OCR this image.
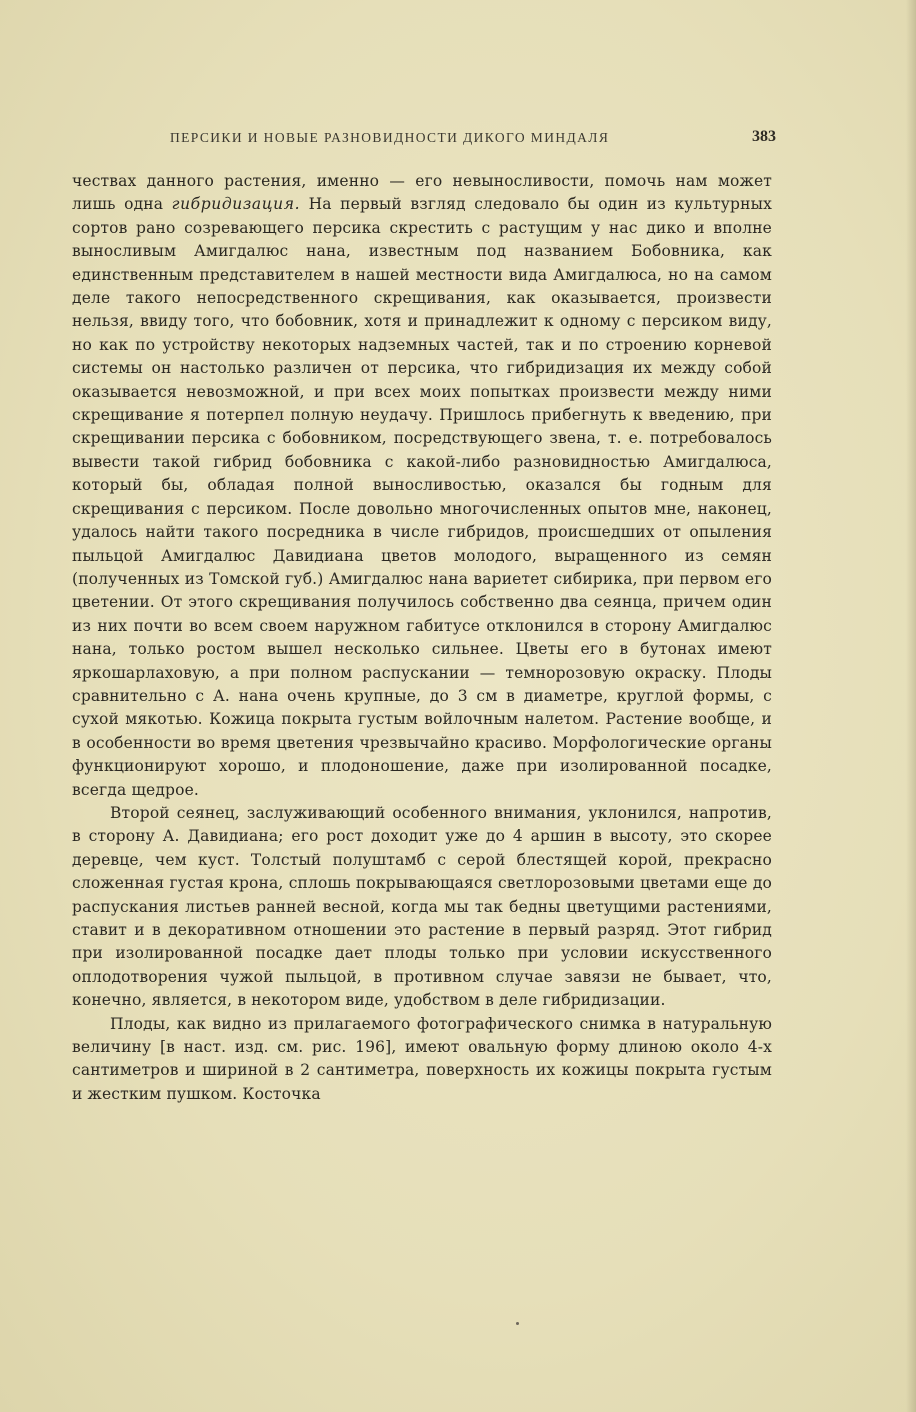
ПЕРСИКИ И НОВЫЕ РАЗНОВИДНОСТИ ДИКОГО МИНДАЛЯ	383

чествах данного растения, именно — его невыносливости, помочь нам может лишь одна гибридизация. На первый взгляд следовало бы один из культурных сортов рано созревающего персика скрестить с растущим у нас дико и вполне выносливым Амигдалюс нана, известным под названием Бобовника, как единственным представителем в нашей местности вида Амигдалюса, но на самом деле такого непосредственного скрещивания, как оказывается, произвести нельзя, ввиду того, что бобовник, хотя и принадлежит к одному с персиком виду, но как по устройству некоторых надземных частей, так и по строению корневой системы он настолько различен от персика, что гибридизация их между собой оказывается невозможной, и при всех моих попытках произвести между ними скрещивание я потерпел полную неудачу. Пришлось прибегнуть к введению, при скрещивании персика с бобовником, посредствующего звена, т. е. потребовалось вывести такой гибрид бобовника с какой-либо разновидностью Амигдалюса, который бы, обладая полной выносливостью, оказался бы годным для скрещивания с персиком. После довольно многочисленных опытов мне, наконец, удалось найти такого посредника в числе гибридов, происшедших от опыления пыльцой Амигдалюс Давидиана цветов молодого, выращенного из семян (полученных из Томской губ.) Амигдалюс нана вариетет сибирика, при первом его цветении. От этого скрещивания получилось собственно два сеянца, причем один из них почти во всем своем наружном габитусе отклонился в сторону Амигдалюс нана, только ростом вышел несколько сильнее. Цветы его в бутонах имеют яркошарлаховую, а при полном распускании — темнорозовую окраску. Плоды сравнительно с А. нана очень крупные, до 3 см в диаметре, круглой формы, с сухой мякотью. Кожица покрыта густым войлочным налетом. Растение вообще, и в особенности во время цветения чрезвычайно красиво. Морфологические органы функционируют хорошо, и плодоношение, даже при изолированной посадке, всегда щедрое.

Второй сеянец, заслуживающий особенного внимания, уклонился, напротив, в сторону А. Давидиана; его рост доходит уже до 4 аршин в высоту, это скорее деревце, чем куст. Толстый полуштамб с серой блестящей корой, прекрасно сложенная густая крона, сплошь покрывающаяся светлорозовыми цветами еще до распускания листьев ранней весной, когда мы так бедны цветущими растениями, ставит и в декоративном отношении это растение в первый разряд. Этот гибрид при изолированной посадке дает плоды только при условии искусственного оплодотворения чужой пыльцой, в противном случае завязи не бывает, что, конечно, является, в некотором виде, удобством в деле гибридизации.

Плоды, как видно из прилагаемого фотографического снимка в натуральную величину [в наст. изд. см. рис. 196], имеют овальную форму длиною около 4-х сантиметров и шириной в 2 сантиметра, поверхность их кожицы покрыта густым и жестким пушком. Косточка
